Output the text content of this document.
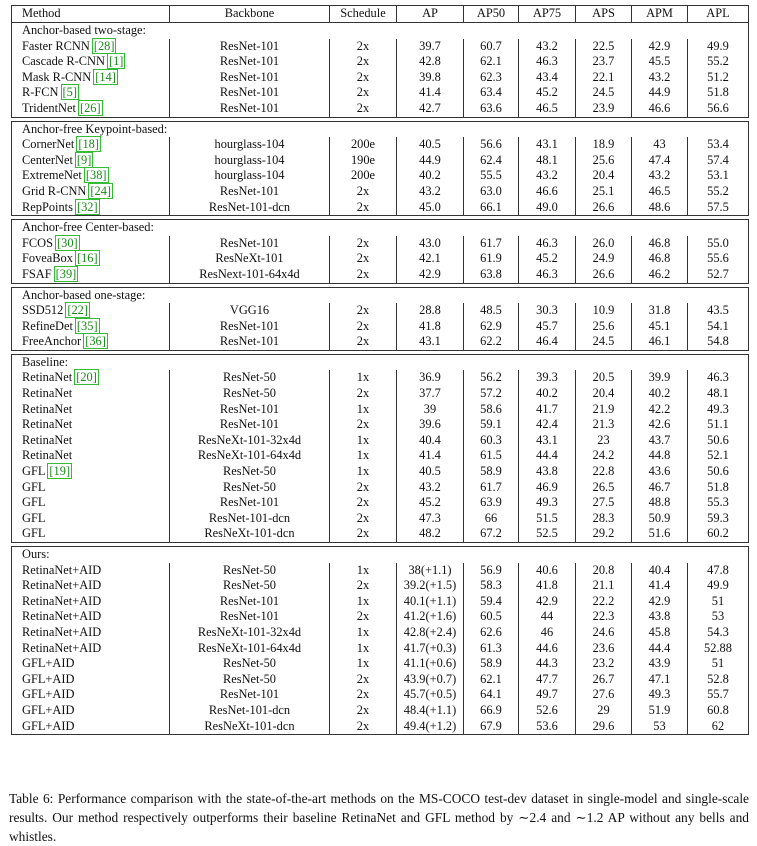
Method	Backbone	Schedule	AP	AP50	AP75	APS	APM	APL
Anchor-based two-stage:								
Faster RCNN [28]	ResNet-101	2x	39.7	60.7	43.2	22.5	42.9	49.9
Cascade R-CNN [1]	ResNet-101	2x	42.8	62.1	46.3	23.7	45.5	55.2
Mask R-CNN [14]	ResNet-101	2x	39.8	62.3	43.4	22.1	43.2	51.2
R-FCN [5]	ResNet-101	2x	41.4	63.4	45.2	24.5	44.9	51.8
TridentNet [26]	ResNet-101	2x	42.7	63.6	46.5	23.9	46.6	56.6

Anchor-free Keypoint-based:								
CornerNet [18]	hourglass-104	200e	40.5	56.6	43.1	18.9	43	53.4
CenterNet [9]	hourglass-104	190e	44.9	62.4	48.1	25.6	47.4	57.4
ExtremeNet [38]	hourglass-104	200e	40.2	55.5	43.2	20.4	43.2	53.1
Grid R-CNN [24]	ResNet-101	2x	43.2	63.0	46.6	25.1	46.5	55.2
RepPoints [32]	ResNet-101-dcn	2x	45.0	66.1	49.0	26.6	48.6	57.5

Anchor-free Center-based:								
FCOS [30]	ResNet-101	2x	43.0	61.7	46.3	26.0	46.8	55.0
FoveaBox [16]	ResNeXt-101	2x	42.1	61.9	45.2	24.9	46.8	55.6
FSAF [39]	ResNext-101-64x4d	2x	42.9	63.8	46.3	26.6	46.2	52.7

Anchor-based one-stage:								
SSD512 [22]	VGG16	2x	28.8	48.5	30.3	10.9	31.8	43.5
RefineDet [35]	ResNet-101	2x	41.8	62.9	45.7	25.6	45.1	54.1
FreeAnchor [36]	ResNet-101	2x	43.1	62.2	46.4	24.5	46.1	54.8

Baseline:								
RetinaNet [20]	ResNet-50	1x	36.9	56.2	39.3	20.5	39.9	46.3
RetinaNet	ResNet-50	2x	37.7	57.2	40.2	20.4	40.2	48.1
RetinaNet	ResNet-101	1x	39	58.6	41.7	21.9	42.2	49.3
RetinaNet	ResNet-101	2x	39.6	59.1	42.4	21.3	42.6	51.1
RetinaNet	ResNeXt-101-32x4d	1x	40.4	60.3	43.1	23	43.7	50.6
RetinaNet	ResNeXt-101-64x4d	1x	41.4	61.5	44.4	24.2	44.8	52.1
GFL [19]	ResNet-50	1x	40.5	58.9	43.8	22.8	43.6	50.6
GFL	ResNet-50	2x	43.2	61.7	46.9	26.5	46.7	51.8
GFL	ResNet-101	2x	45.2	63.9	49.3	27.5	48.8	55.3
GFL	ResNet-101-dcn	2x	47.3	66	51.5	28.3	50.9	59.3
GFL	ResNeXt-101-dcn	2x	48.2	67.2	52.5	29.2	51.6	60.2

Ours:								
RetinaNet+AID	ResNet-50	1x	38(+1.1)	56.9	40.6	20.8	40.4	47.8
RetinaNet+AID	ResNet-50	2x	39.2(+1.5)	58.3	41.8	21.1	41.4	49.9
RetinaNet+AID	ResNet-101	1x	40.1(+1.1)	59.4	42.9	22.2	42.9	51
RetinaNet+AID	ResNet-101	2x	41.2(+1.6)	60.5	44	22.3	43.8	53
RetinaNet+AID	ResNeXt-101-32x4d	1x	42.8(+2.4)	62.6	46	24.6	45.8	54.3
RetinaNet+AID	ResNeXt-101-64x4d	1x	41.7(+0.3)	61.3	44.6	23.6	44.4	52.88
GFL+AID	ResNet-50	1x	41.1(+0.6)	58.9	44.3	23.2	43.9	51
GFL+AID	ResNet-50	2x	43.9(+0.7)	62.1	47.7	26.7	47.1	52.8
GFL+AID	ResNet-101	2x	45.7(+0.5)	64.1	49.7	27.6	49.3	55.7
GFL+AID	ResNet-101-dcn	2x	48.4(+1.1)	66.9	52.6	29	51.9	60.8
GFL+AID	ResNeXt-101-dcn	2x	49.4(+1.2)	67.9	53.6	29.6	53	62

Table 6: Performance comparison with the state-of-the-art methods on the MS-COCO test-dev dataset in single-model and single-scale results. Our method respectively outperforms their baseline RetinaNet and GFL method by ∼2.4 and ∼1.2 AP without any bells and whistles.
